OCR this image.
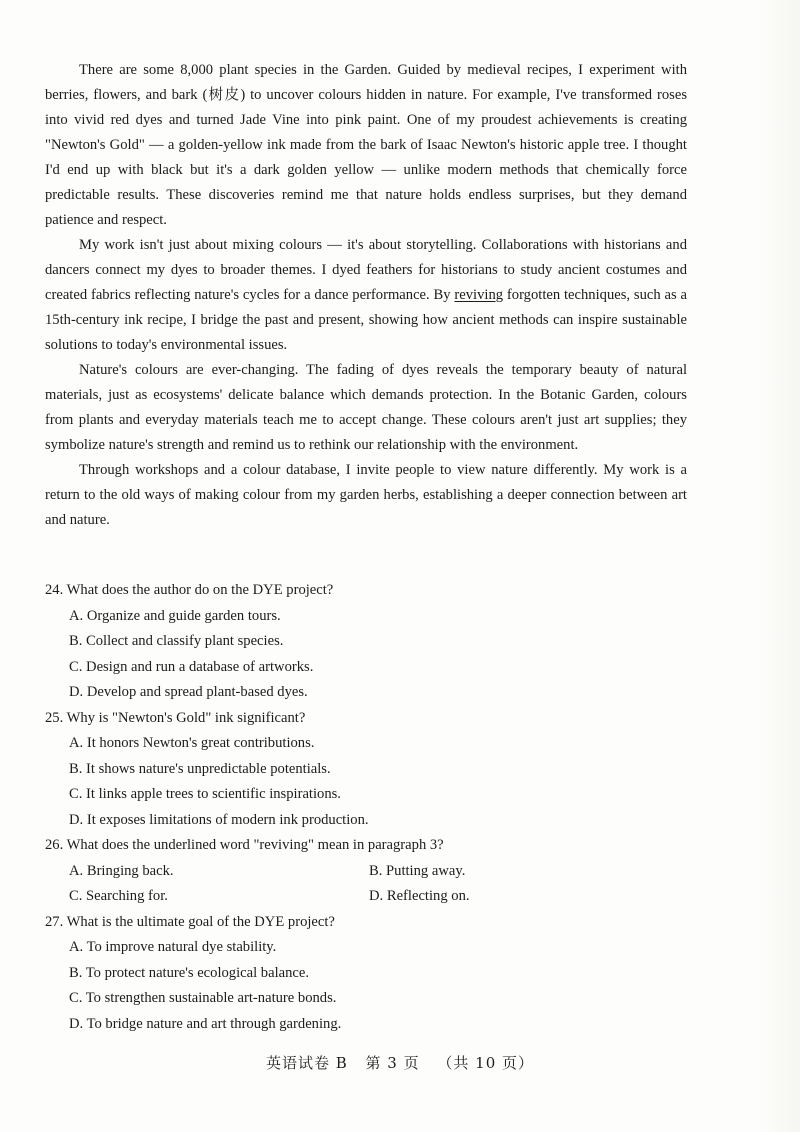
There are some 8,000 plant species in the Garden. Guided by medieval recipes, I experiment with berries, flowers, and bark (树皮) to uncover colours hidden in nature. For example, I've transformed roses into vivid red dyes and turned Jade Vine into pink paint. One of my proudest achievements is creating "Newton's Gold" — a golden-yellow ink made from the bark of Isaac Newton's historic apple tree. I thought I'd end up with black but it's a dark golden yellow — unlike modern methods that chemically force predictable results. These discoveries remind me that nature holds endless surprises, but they demand patience and respect.

My work isn't just about mixing colours — it's about storytelling. Collaborations with historians and dancers connect my dyes to broader themes. I dyed feathers for historians to study ancient costumes and created fabrics reflecting nature's cycles for a dance performance. By reviving forgotten techniques, such as a 15th-century ink recipe, I bridge the past and present, showing how ancient methods can inspire sustainable solutions to today's environmental issues.

Nature's colours are ever-changing. The fading of dyes reveals the temporary beauty of natural materials, just as ecosystems' delicate balance which demands protection. In the Botanic Garden, colours from plants and everyday materials teach me to accept change. These colours aren't just art supplies; they symbolize nature's strength and remind us to rethink our relationship with the environment.

Through workshops and a colour database, I invite people to view nature differently. My work is a return to the old ways of making colour from my garden herbs, establishing a deeper connection between art and nature.

24. What does the author do on the DYE project?

A. Organize and guide garden tours.

B. Collect and classify plant species.

C. Design and run a database of artworks.

D. Develop and spread plant-based dyes.

25. Why is "Newton's Gold" ink significant?

A. It honors Newton's great contributions.

B. It shows nature's unpredictable potentials.

C. It links apple trees to scientific inspirations.

D. It exposes limitations of modern ink production.

26. What does the underlined word "reviving" mean in paragraph 3?

A. Bringing back.	B. Putting away.

C. Searching for.	D. Reflecting on.

27. What is the ultimate goal of the DYE project?

A. To improve natural dye stability.

B. To protect nature's ecological balance.

C. To strengthen sustainable art-nature bonds.

D. To bridge nature and art through gardening.

英语试卷 B 第 3 页 （共 10 页）
